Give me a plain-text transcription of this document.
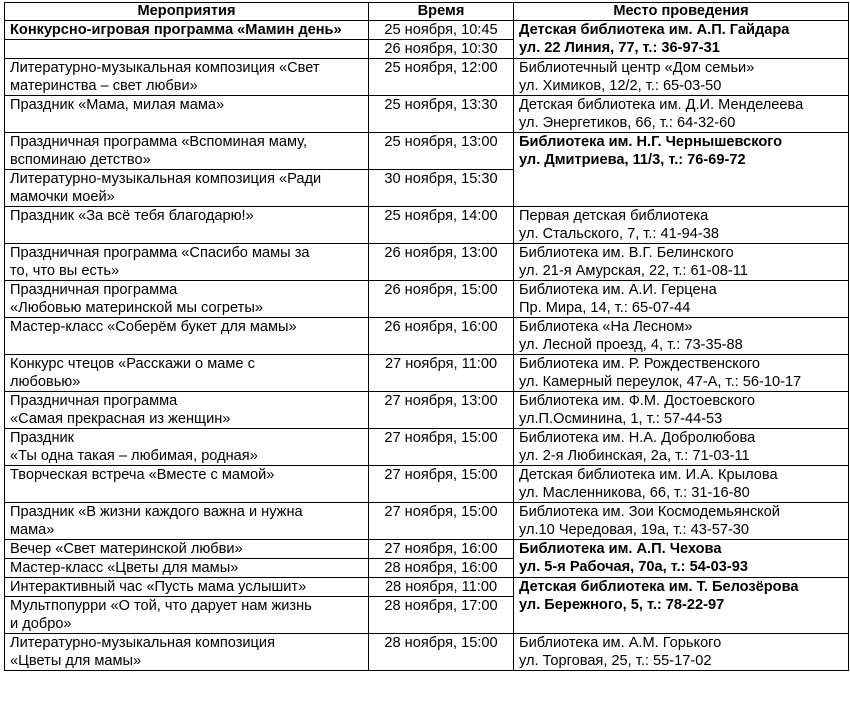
Мероприятия	Время	Место проведения

Конкурсно-игровая программа «Мамин день»	25 ноября, 10:45	Детская библиотека им. А.П. Гайдара
ул. 22 Линия, 77, т.: 36-97-31

	26 ноября, 10:30	

Литературно-музыкальная композиция «Свет
материнства – свет любви»	25 ноября, 12:00	Библиотечный центр «Дом семьи»
ул. Химиков, 12/2, т.: 65-03-50

Праздник «Мама, милая мама»	25 ноября, 13:30	Детская библиотека им. Д.И. Менделеева
ул. Энергетиков, 66, т.: 64-32-60

Праздничная программа «Вспоминая маму,
вспоминаю детство»	25 ноября, 13:00	Библиотека им. Н.Г. Чернышевского
ул. Дмитриева, 11/3, т.: 76-69-72

Литературно-музыкальная композиция «Ради
мамочки моей»	30 ноября, 15:30	

Праздник «За всё тебя благодарю!»	25 ноября, 14:00	Первая детская библиотека
ул. Стальского, 7, т.: 41-94-38

Праздничная программа «Спасибо мамы за
то, что вы есть»	26 ноября, 13:00	Библиотека им. В.Г. Белинского
ул. 21-я Амурская, 22, т.: 61-08-11

Праздничная программа
«Любовью материнской мы согреты»	26 ноября, 15:00	Библиотека им. А.И. Герцена
Пр. Мира, 14, т.: 65-07-44

Мастер-класс «Соберём букет для мамы»	26 ноября, 16:00	Библиотека «На Лесном»
ул. Лесной проезд, 4, т.: 73-35-88

Конкурс чтецов «Расскажи о маме с
любовью»	27 ноября, 11:00	Библиотека им. Р. Рождественского
ул. Камерный переулок, 47-А, т.: 56-10-17

Праздничная программа
«Самая прекрасная из женщин»	27 ноября, 13:00	Библиотека им. Ф.М. Достоевского
ул.П.Осминина, 1, т.: 57-44-53

Праздник
«Ты одна такая – любимая, родная»	27 ноября, 15:00	Библиотека им. Н.А. Добролюбова
ул. 2-я Любинская, 2а, т.: 71-03-11

Творческая встреча «Вместе с мамой»	27 ноября, 15:00	Детская библиотека им. И.А. Крылова
ул. Масленникова, 66, т.: 31-16-80

Праздник «В жизни каждого важна и нужна
мама»	27 ноября, 15:00	Библиотека им. Зои Космодемьянской
ул.10 Чередовая, 19а, т.: 43-57-30

Вечер «Свет материнской любви»	27 ноября, 16:00	Библиотека им. А.П. Чехова
ул. 5-я Рабочая, 70а, т.: 54-03-93

Мастер-класс «Цветы для мамы»	28 ноября, 16:00	

Интерактивный час «Пусть мама услышит»	28 ноября, 11:00	Детская библиотека им. Т. Белозёрова
ул. Бережного, 5, т.: 78-22-97

Мультпопурри «О той, что дарует нам жизнь
и добро»	28 ноября, 17:00	

Литературно-музыкальная композиция
«Цветы для мамы»	28 ноября, 15:00	Библиотека им. А.М. Горького
ул. Торговая, 25, т.: 55-17-02
